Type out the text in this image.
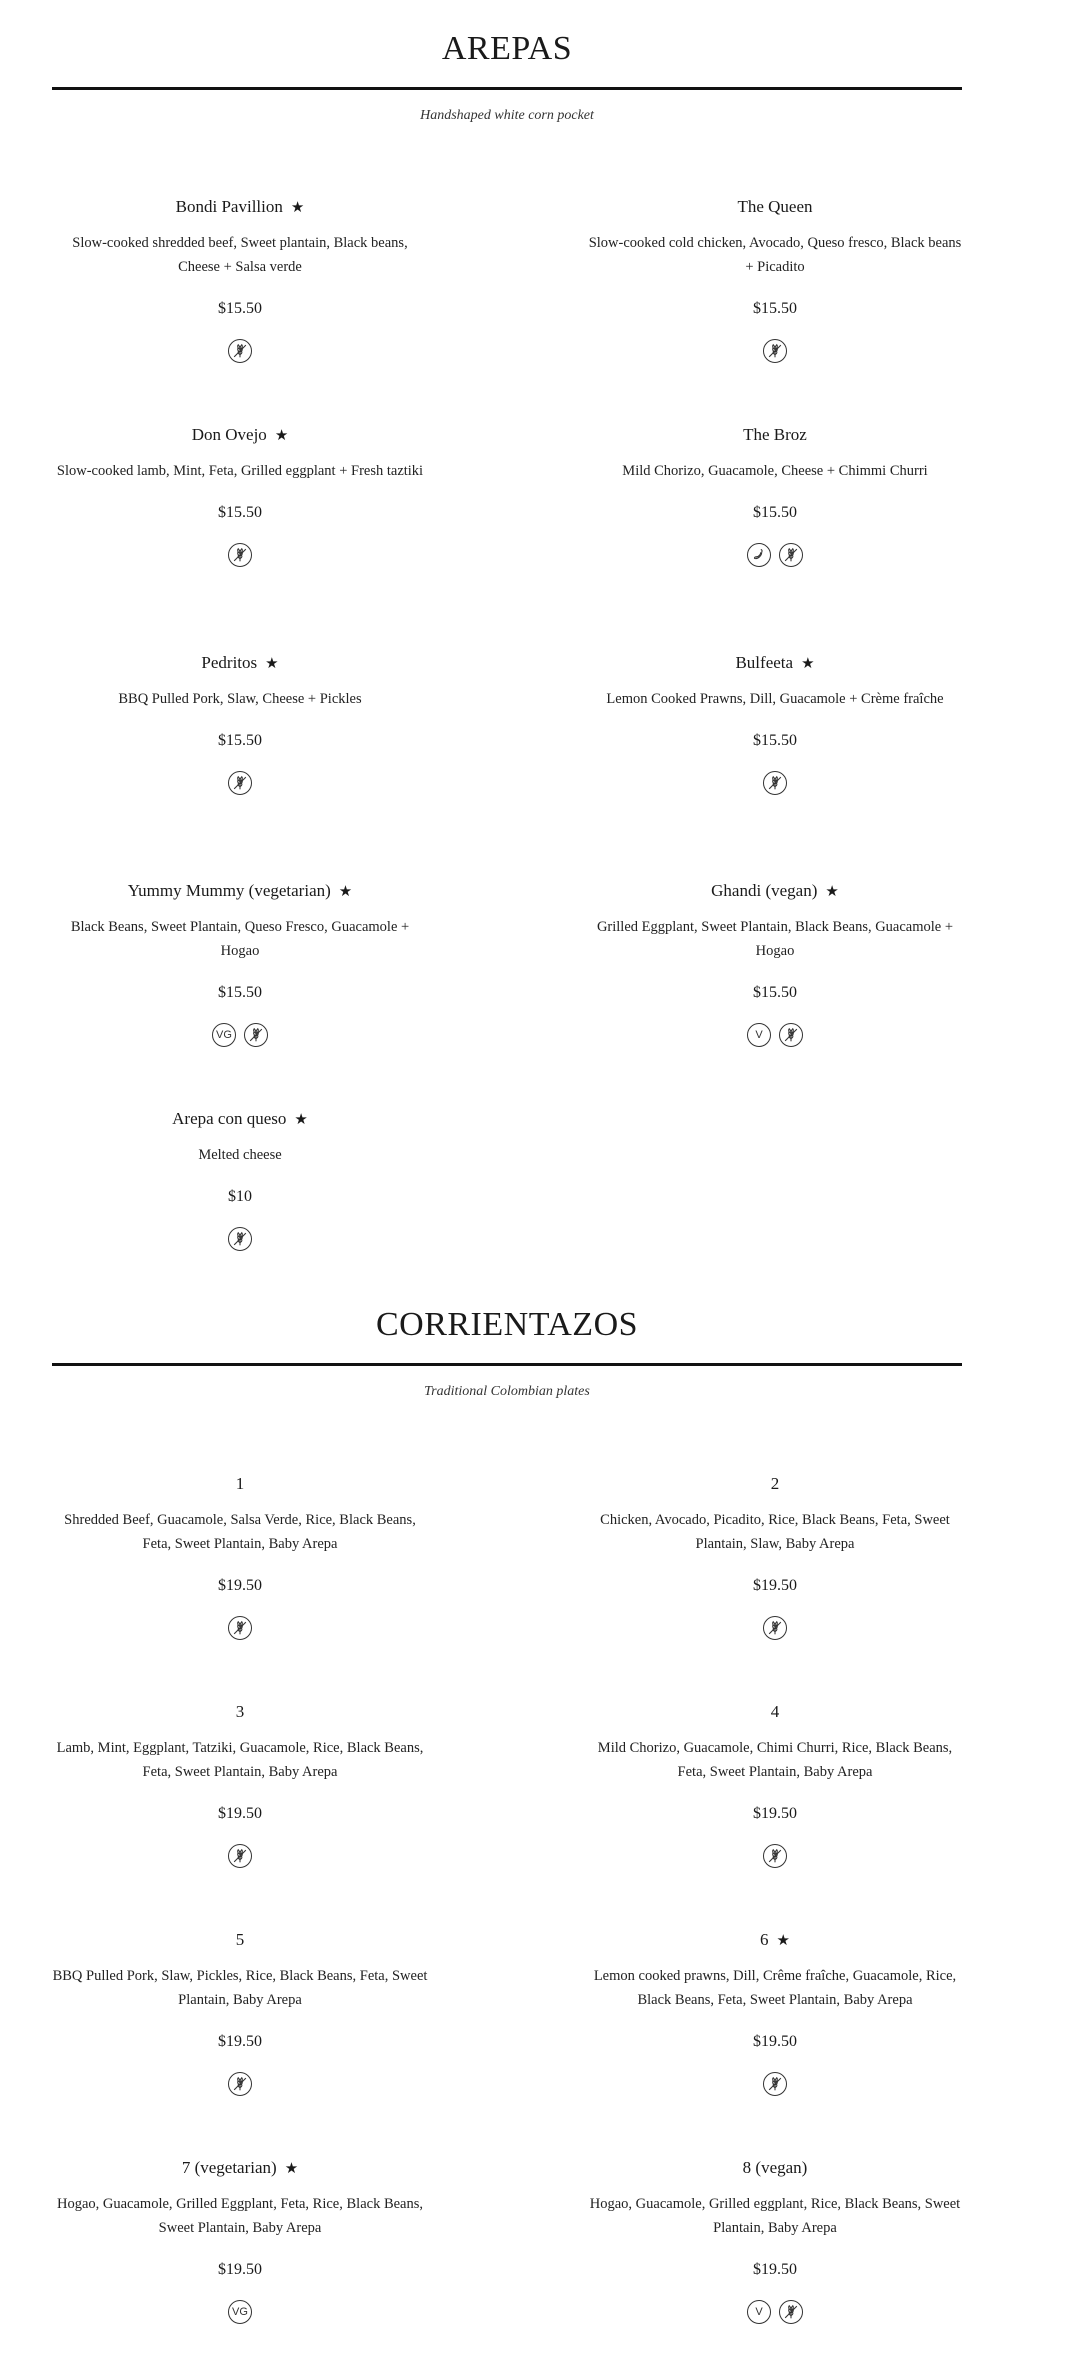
AREPAS
Handshaped white corn pocket
CORRIENTAZOS
Traditional Colombian plates
Bondi Pavillion ★
Slow-cooked shredded beef, Sweet plantain, Black beans, Cheese + Salsa verde
$15.50
The Queen
Slow-cooked cold chicken, Avocado, Queso fresco, Black beans + Picadito
$15.50
Don Ovejo ★
Slow-cooked lamb, Mint, Feta, Grilled eggplant + Fresh taztiki
$15.50
The Broz
Mild Chorizo, Guacamole, Cheese + Chimmi Churri
$15.50
Pedritos ★
BBQ Pulled Pork, Slaw, Cheese + Pickles
$15.50
Bulfeeta ★
Lemon Cooked Prawns, Dill, Guacamole + Crème fraîche
$15.50
Yummy Mummy (vegetarian) ★
Black Beans, Sweet Plantain, Queso Fresco, Guacamole + Hogao
$15.50
VG
Ghandi (vegan) ★
Grilled Eggplant, Sweet Plantain, Black Beans, Guacamole + Hogao
$15.50
V
Arepa con queso ★
Melted cheese
$10
1
Shredded Beef, Guacamole, Salsa Verde, Rice, Black Beans, Feta, Sweet Plantain, Baby Arepa
$19.50
2
Chicken, Avocado, Picadito, Rice, Black Beans, Feta, Sweet Plantain, Slaw, Baby Arepa
$19.50
3
Lamb, Mint, Eggplant, Tatziki, Guacamole, Rice, Black Beans, Feta, Sweet Plantain, Baby Arepa
$19.50
4
Mild Chorizo, Guacamole, Chimi Churri, Rice, Black Beans, Feta, Sweet Plantain, Baby Arepa
$19.50
5
BBQ Pulled Pork, Slaw, Pickles, Rice, Black Beans, Feta, Sweet Plantain, Baby Arepa
$19.50
6 ★
Lemon cooked prawns, Dill, Crême fraîche, Guacamole, Rice, Black Beans, Feta, Sweet Plantain, Baby Arepa
$19.50
7 (vegetarian) ★
Hogao, Guacamole, Grilled Eggplant, Feta, Rice, Black Beans, Sweet Plantain, Baby Arepa
$19.50
VG
8 (vegan)
Hogao, Guacamole, Grilled eggplant, Rice, Black Beans, Sweet Plantain, Baby Arepa
$19.50
V
